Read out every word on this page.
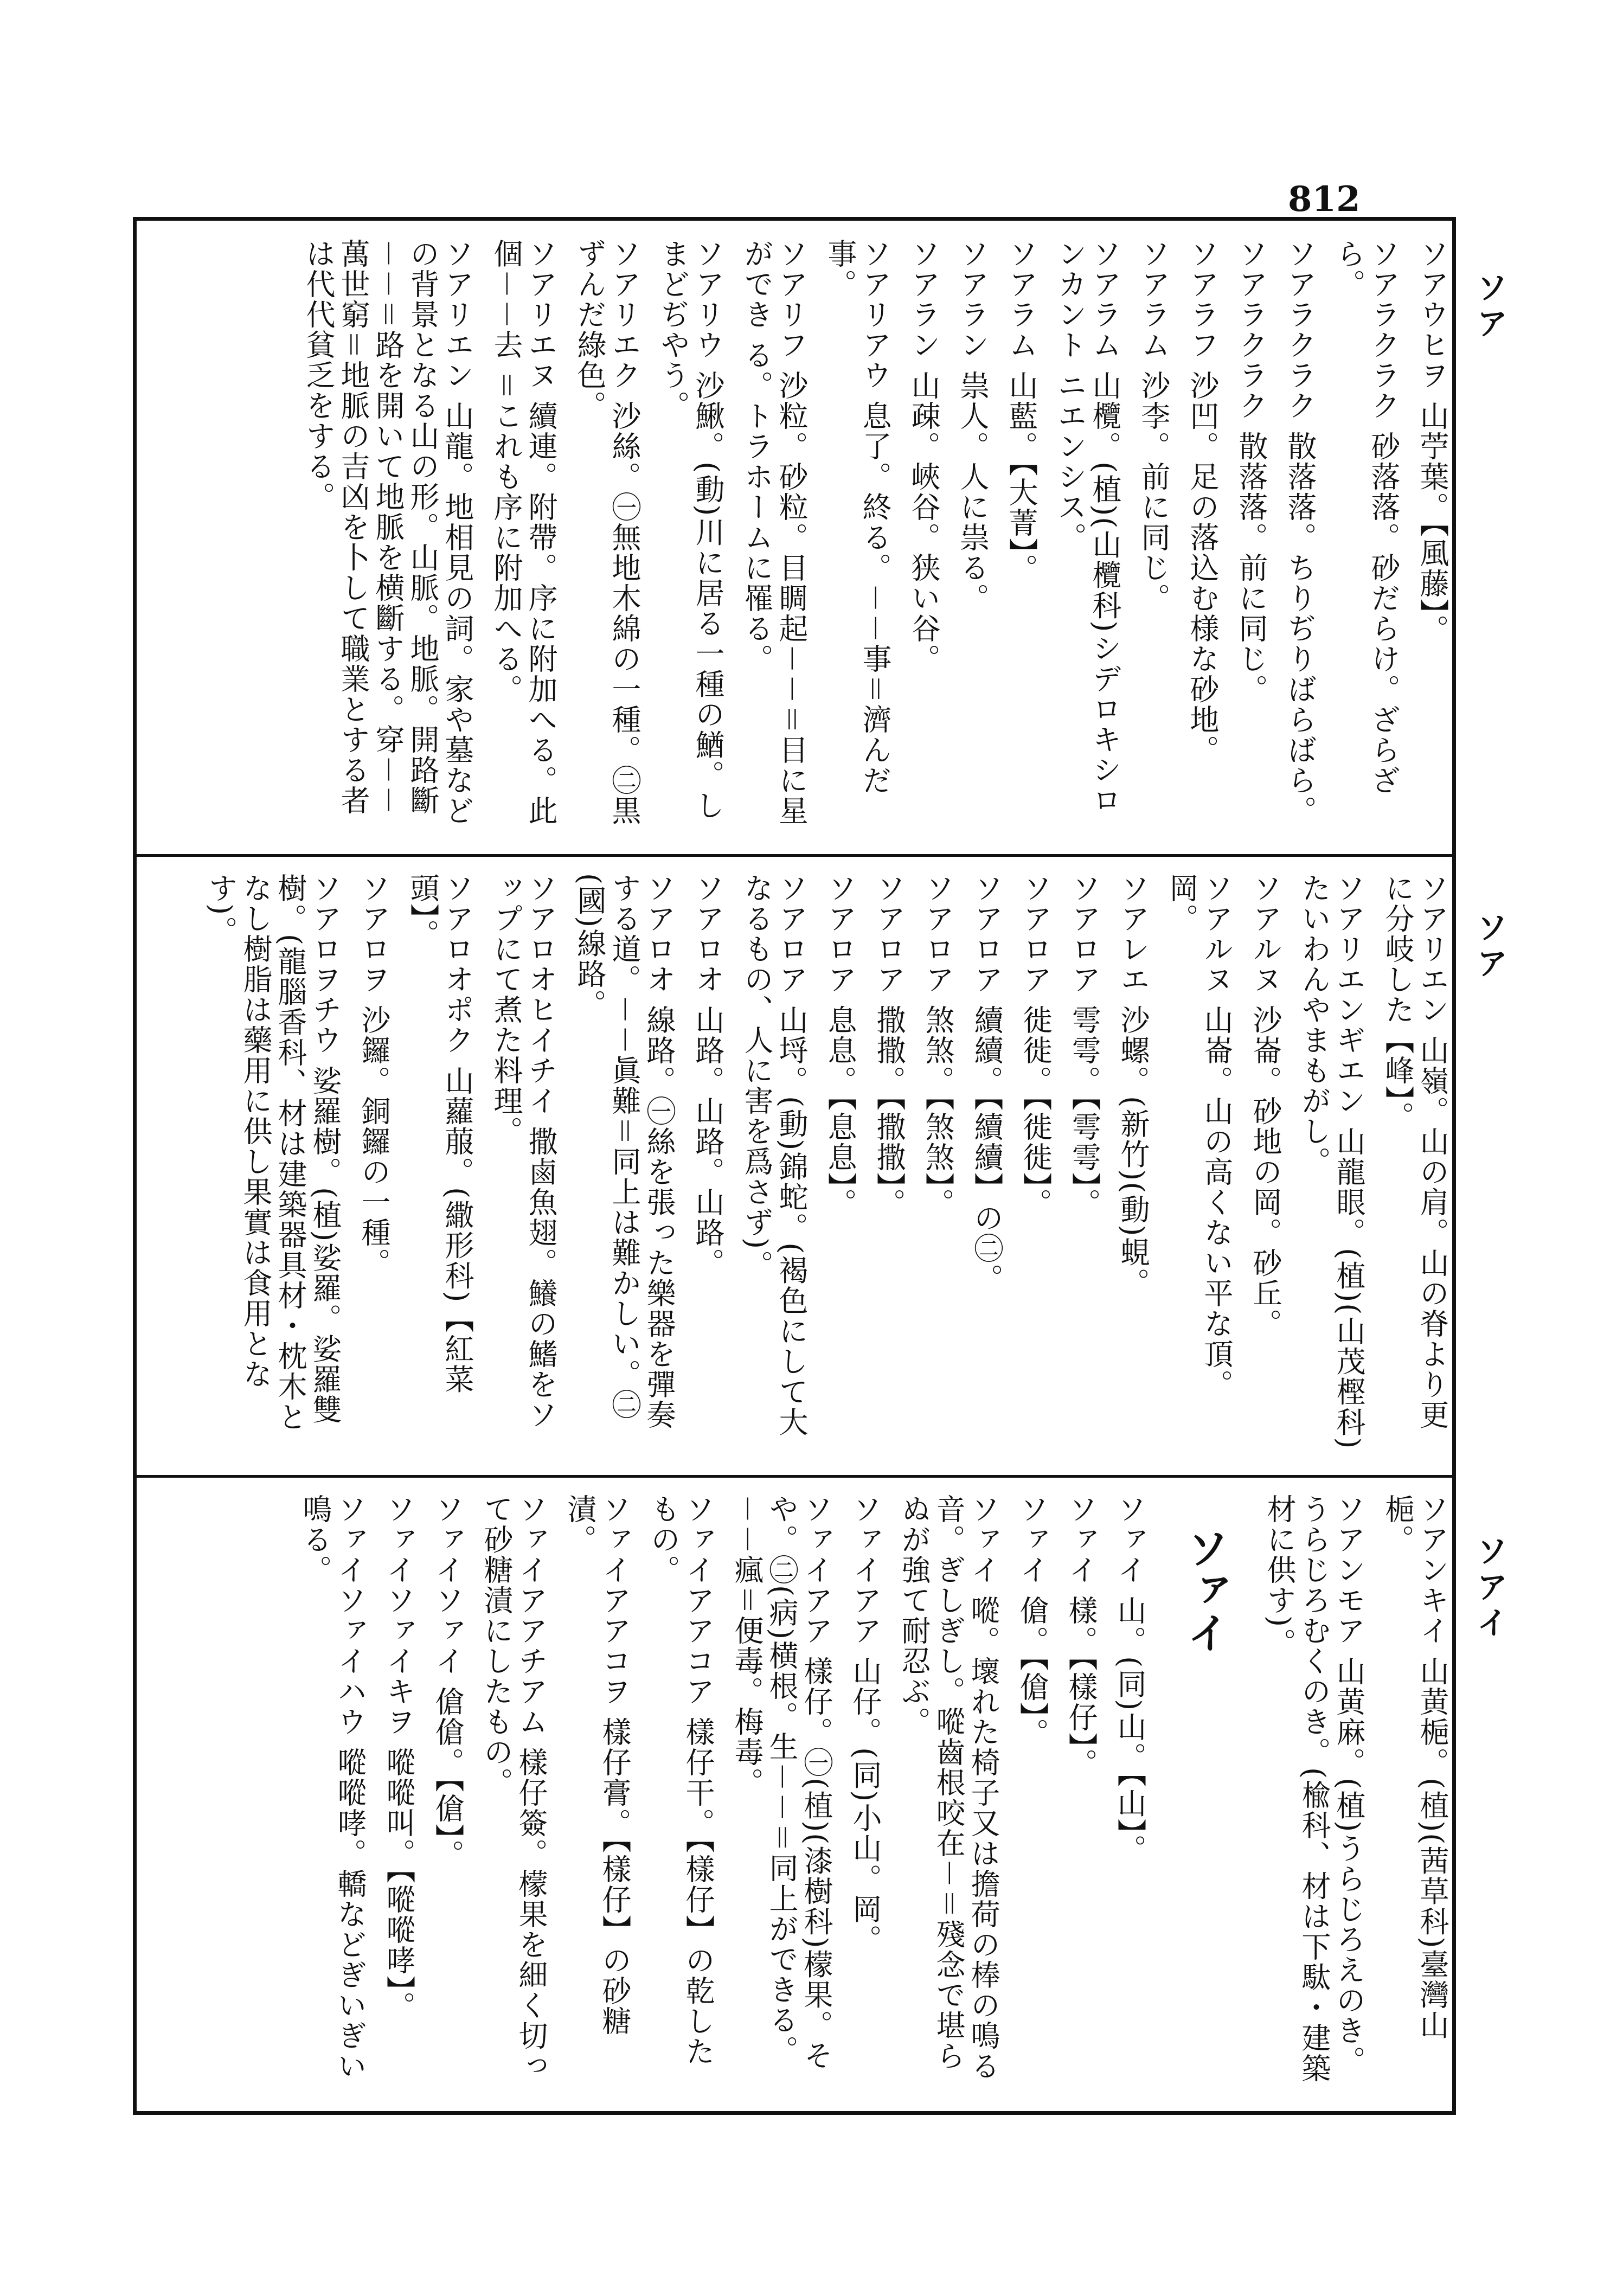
812
ソア
ソア
ソアイ
ソアウヒヲ 山苧葉。【風藤】。
ソアラクラク 砂落落。砂だらけ。ざらざら。
ソアラクラク 散落落。ちりぢりばらばら。
ソアラクラク 散落落。前に同じ。
ソアラフ 沙凹。足の落込む様な砂地。
ソアラム 沙李。前に同じ。
ソアラム 山欖。(植)(山欖科)シデロキシロンカント ニエンシス。
ソアラム 山藍。【大菁】。
ソアラン 祟人。人に祟る。
ソアラン 山疎。峽谷。狭い谷。
ソアリアウ 息了。終る。－－事＝濟んだ事。
ソアリフ 沙粒。砂粒。目睭起－－＝目に星ができ る。トラホームに罹る。
ソアリウ 沙鰍。(動)川に居る一種の鰌。しまどぢやう。
ソアリエク 沙絲。㊀無地木綿の一種。㊁黒ずんだ綠色。
ソアリエヌ 續連。附帶。序に附加へる。此個－－去 ＝これも序に附加へる。
ソアリエン 山龍。地相見の詞。家や墓などの背景となる山の形。山脈。地脈。開路斷－－＝路を開いて地脈を横斷する。穿－－萬世窮＝地脈の吉凶を卜して職業とする者は代代貧乏をする。
ソアリエン 山嶺。山の肩。山の脊より更に分岐した【峰】。
ソアリエンギエン 山龍眼。(植)(山茂樫科)たいわんやまもがし。
ソアルヌ 沙崙。砂地の岡。砂丘。
ソアルヌ 山崙。山の高くない平な頂。岡。
ソアレエ 沙螺。(新竹)(動)蜆。
ソアロア 雩雩。【雩雩】。
ソアロア 徙徙。【徙徙】。
ソアロア 續續。【續續】の㊁。
ソアロア 煞煞。【煞煞】。
ソアロア 撒撒。【撒撒】。
ソアロア 息息。【息息】。
ソアロア 山埒。(動)錦蛇。(褐色にして大なるもの、人に害を爲さず)。
ソアロオ 山路。山路。山路。
ソアロオ 線路。㊀絲を張った樂器を彈奏する道。－－眞難＝同上は難かしい。㊁(國)線路。
ソアロオヒイチイ 撒鹵魚翅。鱶の鰭をソップにて煮た料理。
ソアロオポク 山蘿菔。(繖形科)【紅菜頭】。
ソアロヲ 沙鑼。銅鑼の一種。
ソアロヲチウ 娑羅樹。(植)娑羅。娑羅雙樹。(龍腦香科、材は建築器具材・枕木となし樹脂は藥用に供し果實は食用となす)。
ソアンキイ 山黄梔。(植)(茜草科)臺灣山梔。
ソアンモア 山黄麻。(植)うらじろえのき。うらじろむくのき。(楡科、材は下駄・建築材に供す)。
ソァイ
ソァイ 山。(同)山。【山】。
ソァイ 樣。【樣仔】。
ソァイ 傖。【傖】。
ソァイ 㗰。壞れた椅子又は擔荷の棒の鳴る音。ぎしぎし。㗰齒根咬在－＝殘念で堪らぬが強て耐忍ぶ。
ソァイアア 山仔。(同)小山。岡。
ソァイアア 樣仔。㊀(植)(漆樹科)檬果。そや。㊁(病)横根。生－－＝同上ができる。－－瘋＝便毒。梅毒。
ソァイアアコア 樣仔干。【樣仔】の乾したもの。
ソァイアアコヲ 樣仔膏。【樣仔】の砂糖漬。
ソァイアアチアム 樣仔簽。檬果を細く切って砂糖漬にしたもの。
ソァイソァイ 傖傖。【傖】。
ソァイソァイキヲ 㗰㗰叫。【㗰㗰哮】。
ソァイソァイハウ 㗰㗰哮。轎などぎいぎい鳴る。
